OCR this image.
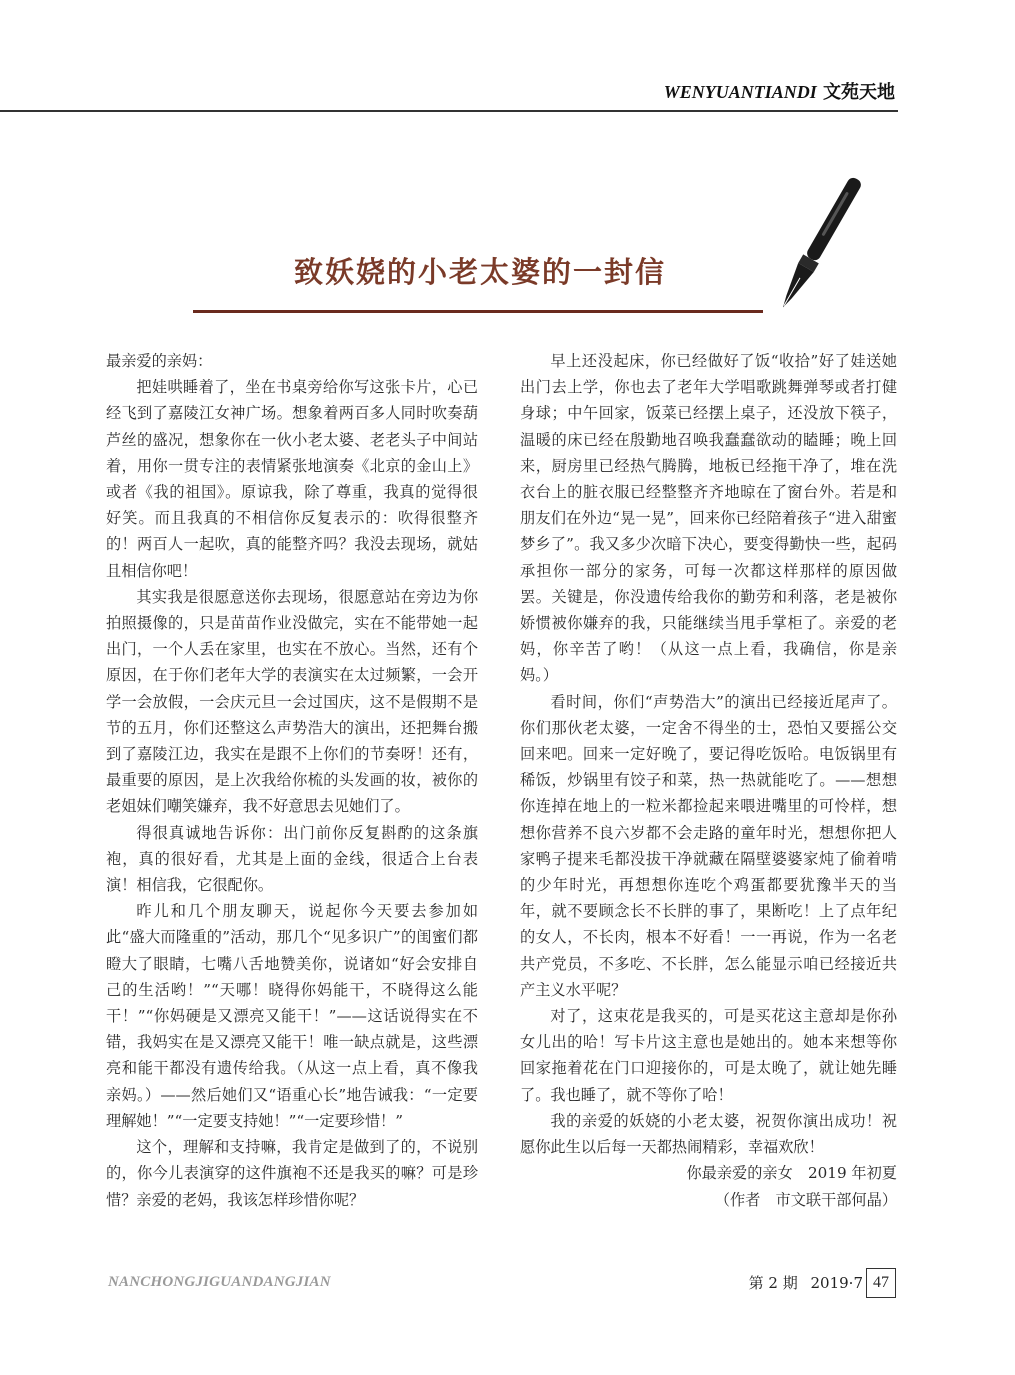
WENYUANTIANDI 文苑天地
致妖娆的小老太婆的一封信

最亲爱的亲妈：

把娃哄睡着了，坐在书桌旁给你写这张卡片，心已经飞到了嘉陵江女神广场。想象着两百多人同时吹奏葫芦丝的盛况，想象你在一伙小老太婆、老老头子中间站着，用你一贯专注的表情紧张地演奏《北京的金山上》或者《我的祖国》。原谅我，除了尊重，我真的觉得很好笑。而且我真的不相信你反复表示的：吹得很整齐的！两百人一起吹，真的能整齐吗？我没去现场，就姑且相信你吧！

其实我是很愿意送你去现场，很愿意站在旁边为你拍照摄像的，只是苗苗作业没做完，实在不能带她一起出门，一个人丢在家里，也实在不放心。当然，还有个原因，在于你们老年大学的表演实在太过频繁，一会开学一会放假，一会庆元旦一会过国庆，这不是假期不是节的五月，你们还整这么声势浩大的演出，还把舞台搬到了嘉陵江边，我实在是跟不上你们的节奏呀！还有，最重要的原因，是上次我给你梳的头发画的妆，被你的老姐妹们嘲笑嫌弃，我不好意思去见她们了。

得很真诚地告诉你：出门前你反复斟酌的这条旗袍，真的很好看，尤其是上面的金线，很适合上台表演！相信我，它很配你。

昨儿和几个朋友聊天，说起你今天要去参加如此“盛大而隆重的”活动，那几个“见多识广”的闺蜜们都瞪大了眼睛，七嘴八舌地赞美你，说诸如“好会安排自己的生活哟！”“天哪！晓得你妈能干，不晓得这么能干！”“你妈硬是又漂亮又能干！”——这话说得实在不错，我妈实在是又漂亮又能干！唯一缺点就是，这些漂亮和能干都没有遗传给我。（从这一点上看，真不像我亲妈。）——然后她们又“语重心长”地告诫我：“一定要理解她！”“一定要支持她！”“一定要珍惜！”

这个，理解和支持嘛，我肯定是做到了的，不说别的，你今儿表演穿的这件旗袍不还是我买的嘛？可是珍惜？亲爱的老妈，我该怎样珍惜你呢？

早上还没起床，你已经做好了饭“收拾”好了娃送她出门去上学，你也去了老年大学唱歌跳舞弹琴或者打健身球；中午回家，饭菜已经摆上桌子，还没放下筷子，温暖的床已经在殷勤地召唤我蠢蠢欲动的瞌睡；晚上回来，厨房里已经热气腾腾，地板已经拖干净了，堆在洗衣台上的脏衣服已经整整齐齐地晾在了窗台外。若是和朋友们在外边“晃一晃”，回来你已经陪着孩子“进入甜蜜梦乡了”。我又多少次暗下决心，要变得勤快一些，起码承担你一部分的家务，可每一次都这样那样的原因做罢。关键是，你没遗传给我你的勤劳和利落，老是被你娇惯被你嫌弃的我，只能继续当甩手掌柜了。亲爱的老妈，你辛苦了哟！（从这一点上看，我确信，你是亲妈。）

看时间，你们“声势浩大”的演出已经接近尾声了。你们那伙老太婆，一定舍不得坐的士，恐怕又要摇公交回来吧。回来一定好晚了，要记得吃饭哈。电饭锅里有稀饭，炒锅里有饺子和菜，热一热就能吃了。——想想你连掉在地上的一粒米都捡起来喂进嘴里的可怜样，想想你营养不良六岁都不会走路的童年时光，想想你把人家鸭子提来毛都没拔干净就藏在隔壁婆婆家炖了偷着啃的少年时光，再想想你连吃个鸡蛋都要犹豫半天的当年，就不要顾念长不长胖的事了，果断吃！上了点年纪的女人，不长肉，根本不好看！一一再说，作为一名老共产党员，不多吃、不长胖，怎么能显示咱已经接近共产主义水平呢？

对了，这束花是我买的，可是买花这主意却是你孙女儿出的哈！写卡片这主意也是她出的。她本来想等你回家拖着花在门口迎接你的，可是太晚了，就让她先睡了。我也睡了，就不等你了哈！

我的亲爱的妖娆的小老太婆，祝贺你演出成功！祝愿你此生以后每一天都热闹精彩，幸福欢欣！

你最亲爱的亲女　2019 年初夏

（作者　市文联干部何晶）

NANCHONGJIGUANDANGJIAN	第 2 期 2019·7 47
